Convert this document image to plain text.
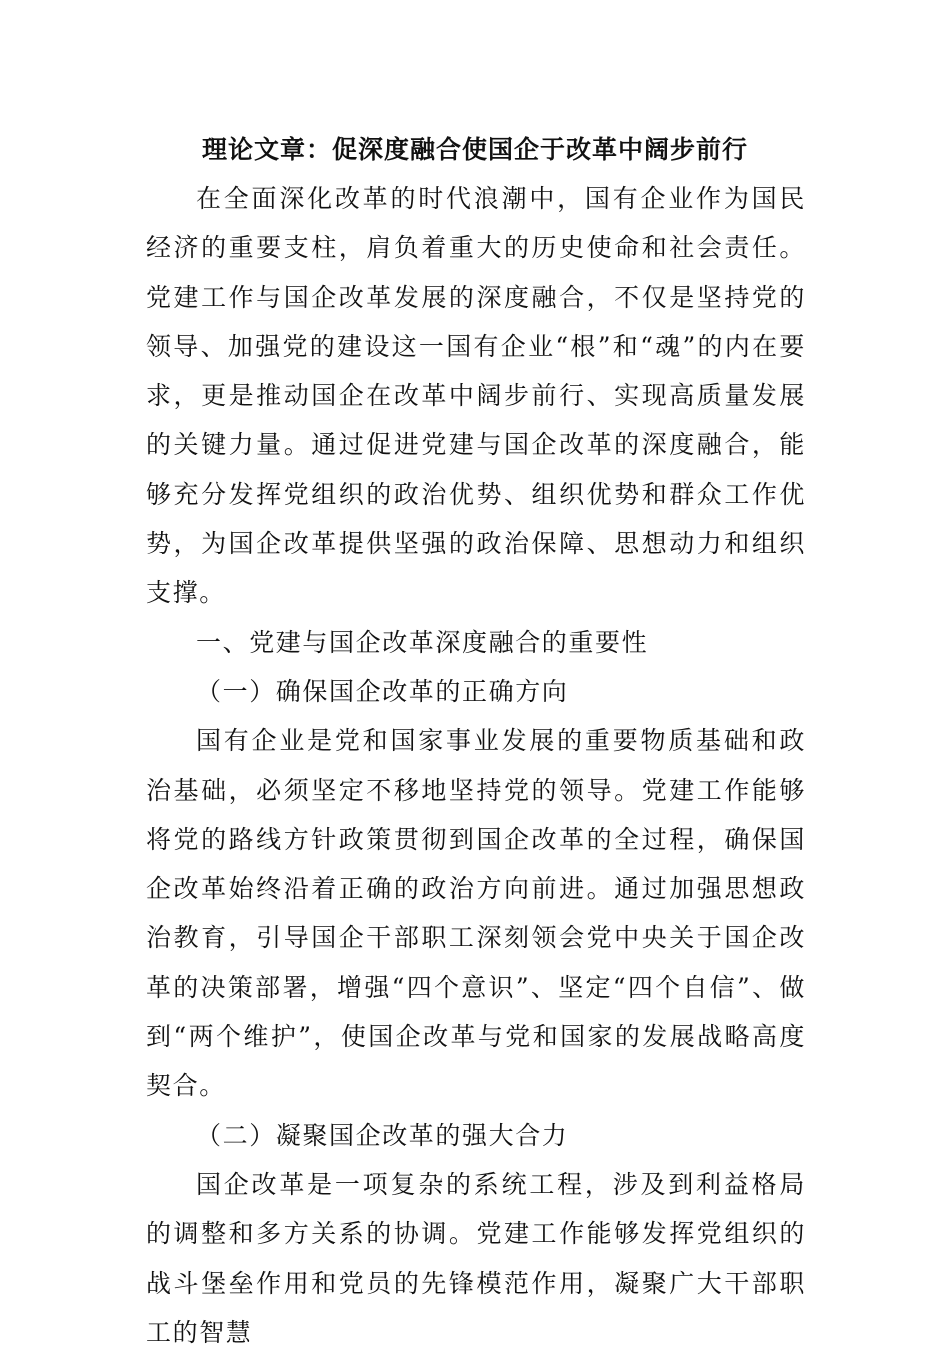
理论文章：促深度融合使国企于改革中阔步前行

在全面深化改革的时代浪潮中，国有企业作为国民经济的重要支柱，肩负着重大的历史使命和社会责任。党建工作与国企改革发展的深度融合，不仅是坚持党的领导、加强党的建设这一国有企业“根”和“魂”的内在要求，更是推动国企在改革中阔步前行、实现高质量发展的关键力量。通过促进党建与国企改革的深度融合，能够充分发挥党组织的政治优势、组织优势和群众工作优势，为国企改革提供坚强的政治保障、思想动力和组织支撑。

一、党建与国企改革深度融合的重要性

（一）确保国企改革的正确方向

国有企业是党和国家事业发展的重要物质基础和政治基础，必须坚定不移地坚持党的领导。党建工作能够将党的路线方针政策贯彻到国企改革的全过程，确保国企改革始终沿着正确的政治方向前进。通过加强思想政治教育，引导国企干部职工深刻领会党中央关于国企改革的决策部署，增强“四个意识”、坚定“四个自信”、做到“两个维护”，使国企改革与党和国家的发展战略高度契合。

（二）凝聚国企改革的强大合力

国企改革是一项复杂的系统工程，涉及到利益格局的调整和多方关系的协调。党建工作能够发挥党组织的战斗堡垒作用和党员的先锋模范作用，凝聚广大干部职工的智慧
